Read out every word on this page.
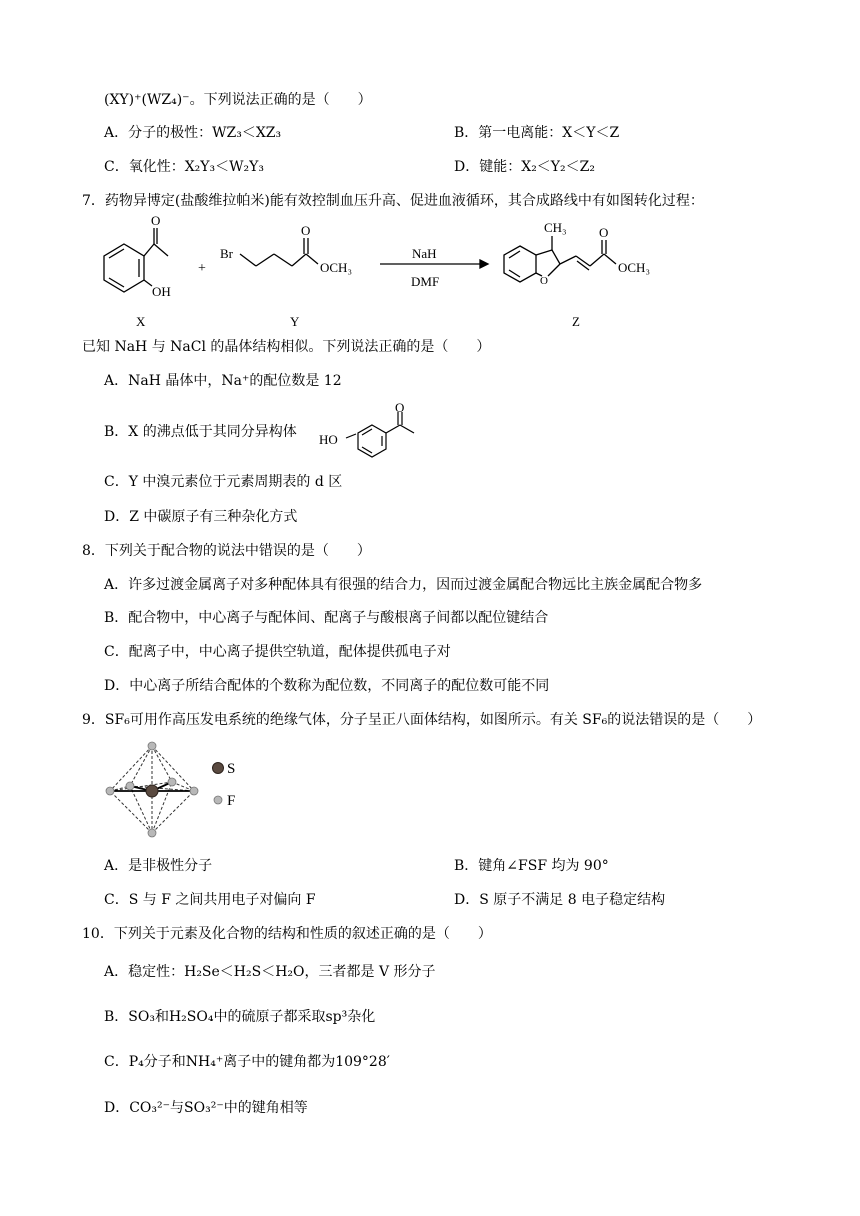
(XY)⁺(WZ₄)⁻。下列说法正确的是（　　）
A．分子的极性：WZ₃＜XZ₃	B．第一电离能：X＜Y＜Z
C．氧化性：X₂Y₃＜W₂Y₃	D．键能：X₂＜Y₂＜Z₂
7．药物异博定(盐酸维拉帕米)能有效控制血压升高、促进血液循环，其合成路线中有如图转化过程：
O
OH
+
Br
O
OCH₃
NaH
DMF
CH₃
O
O
OCH₃
X	Y	Z
已知 NaH 与 NaCl 的晶体结构相似。下列说法正确的是（　　）
A．NaH 晶体中，Na⁺的配位数是 12
B．X 的沸点低于其同分异构体 HO
O
C．Y 中溴元素位于元素周期表的 d 区
D．Z 中碳原子有三种杂化方式
8．下列关于配合物的说法中错误的是（　　）
A．许多过渡金属离子对多种配体具有很强的结合力，因而过渡金属配合物远比主族金属配合物多
B．配合物中，中心离子与配体间、配离子与酸根离子间都以配位键结合
C．配离子中，中心离子提供空轨道，配体提供孤电子对
D．中心离子所结合配体的个数称为配位数，不同离子的配位数可能不同
9．SF₆可用作高压发电系统的绝缘气体，分子呈正八面体结构，如图所示。有关 SF₆的说法错误的是（　　）
S
F
A．是非极性分子	B．键角∠FSF 均为 90°
C．S 与 F 之间共用电子对偏向 F	D．S 原子不满足 8 电子稳定结构
10．下列关于元素及化合物的结构和性质的叙述正确的是（　　）
A．稳定性：H₂Se＜H₂S＜H₂O，三者都是 V 形分子
B．SO₃和H₂SO₄中的硫原子都采取sp³杂化
C．P₄分子和NH₄⁺离子中的键角都为109°28′
D．CO₃²⁻与SO₃²⁻中的键角相等
